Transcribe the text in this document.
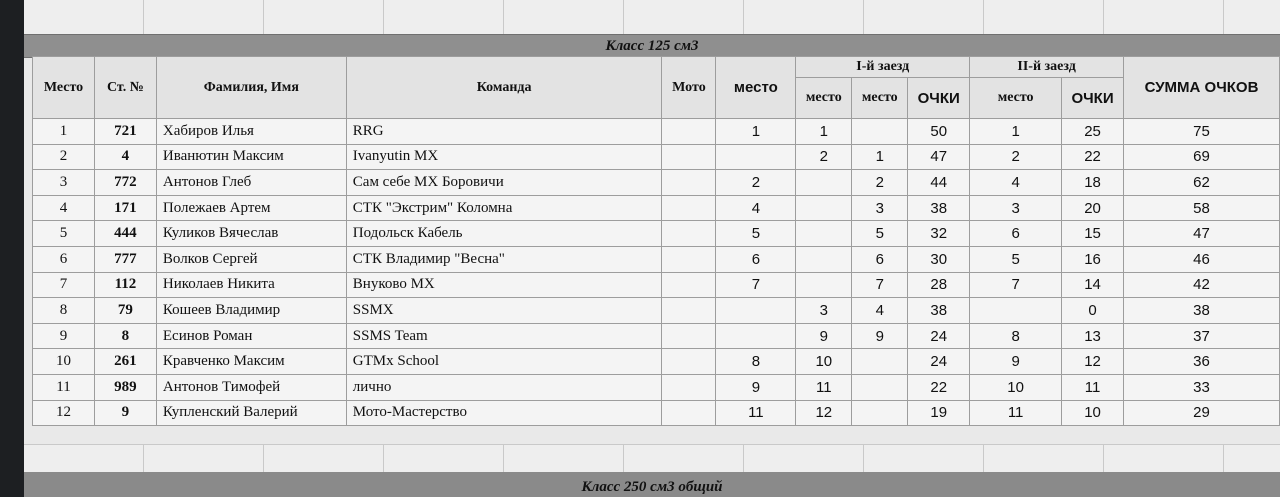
Класс 125 см3
Место	Ст. №	Фамилия, Имя	Команда	Мото	место	I-й заезд			II-й заезд		СУММА ОЧКОВ
						место	место	ОЧКИ	место	ОЧКИ	
1	721	Хабиров Илья	RRG		1	1		50	1	25	75
2	4	Иванютин Максим	Ivanyutin MX			2	1	47	2	22	69
3	772	Антонов Глеб	Сам себе MX Боровичи		2		2	44	4	18	62
4	171	Полежаев Артем	СТК "Экстрим" Коломна		4		3	38	3	20	58
5	444	Куликов Вячеслав	Подольск Кабель		5		5	32	6	15	47
6	777	Волков Сергей	СТК Владимир "Весна"		6		6	30	5	16	46
7	112	Николаев Никита	Внуково MX		7		7	28	7	14	42
8	79	Кошеев Владимир	SSMX			3	4	38		0	38
9	8	Есинов Роман	SSMS Team			9	9	24	8	13	37
10	261	Кравченко Максим	GTMx School		8	10		24	9	12	36
11	989	Антонов Тимофей	лично		9	11		22	10	11	33
12	9	Купленский Валерий	Мото-Мастерство		11	12		19	11	10	29
Класс 250 см3 общий
